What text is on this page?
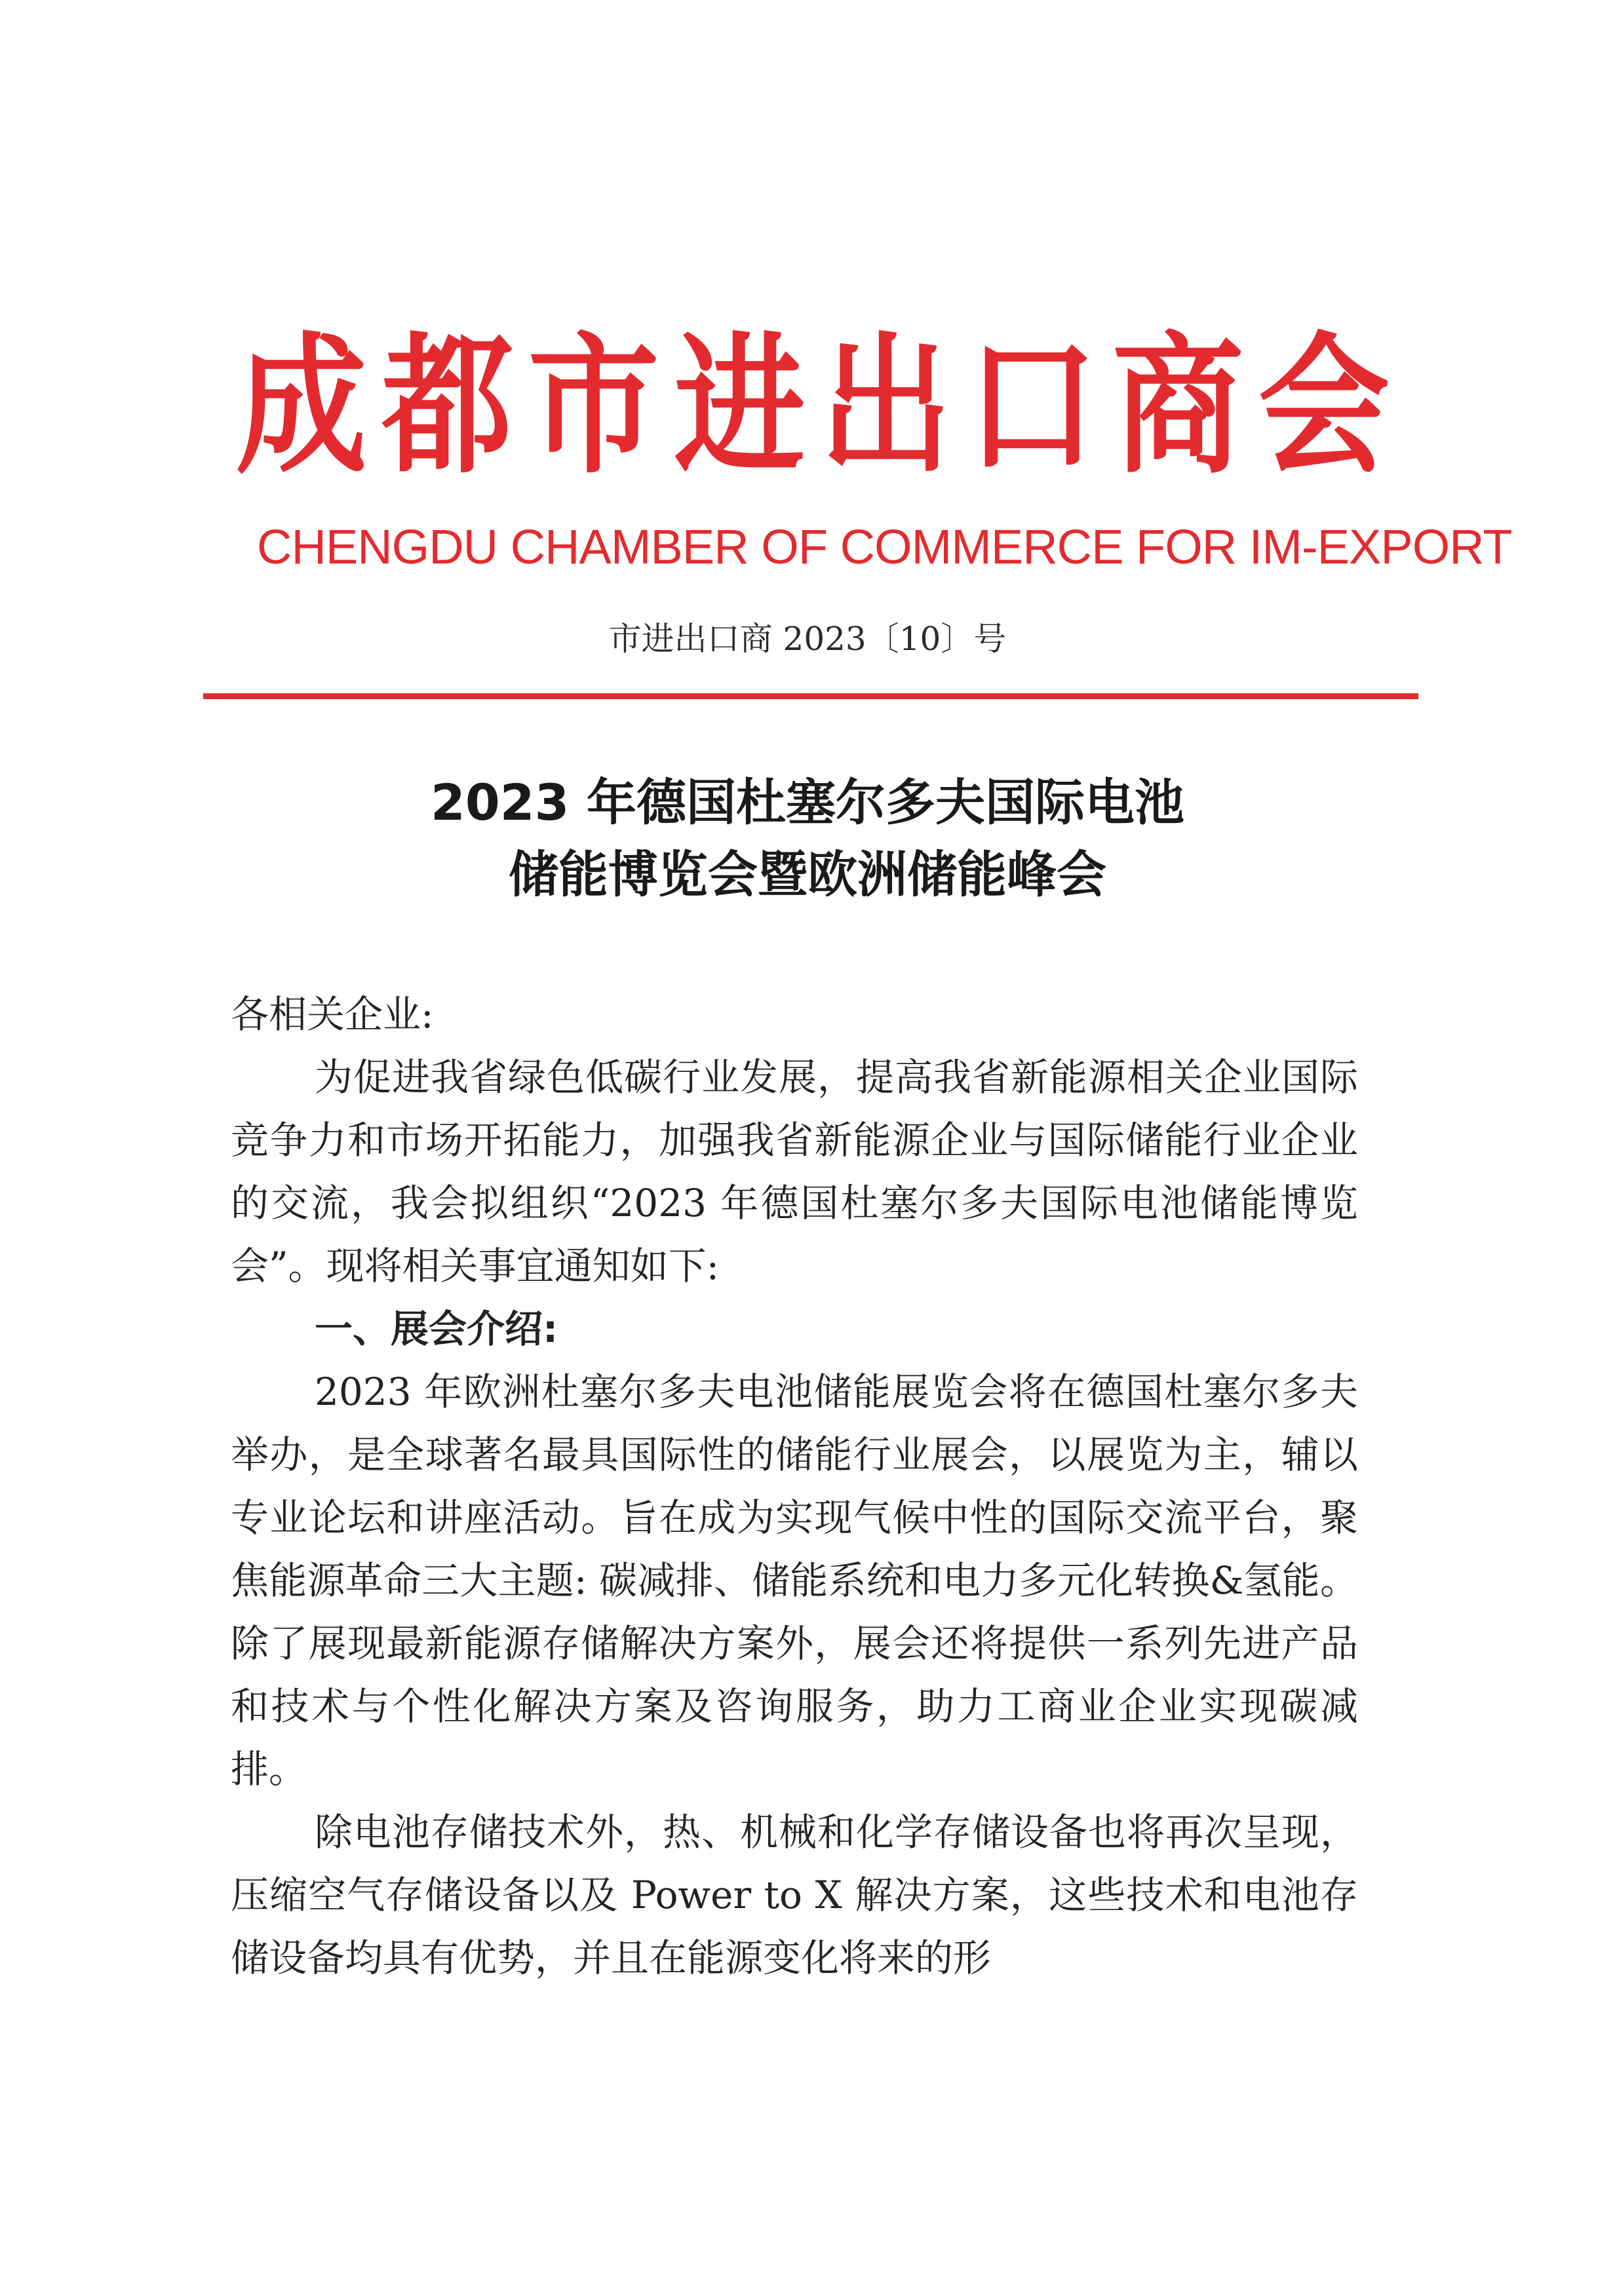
成 都 市 进 出 口 商 会
CHENGDU CHAMBER OF COMMERCE FOR IM-EXPORT
市进出口商 2023〔10〕号
2023 年德国杜塞尔多夫国际电池
储能博览会暨欧洲储能峰会

各相关企业:

为促进我省绿色低碳行业发展，提高我省新能源相关企业国际竞争力和市场开拓能力，加强我省新能源企业与国际储能行业企业的交流，我会拟组织“2023 年德国杜塞尔多夫国际电池储能博览会”。现将相关事宜通知如下:

一、展会介绍:

2023 年欧洲杜塞尔多夫电池储能展览会将在德国杜塞尔多夫举办，是全球著名最具国际性的储能行业展会，以展览为主，辅以专业论坛和讲座活动。旨在成为实现气候中性的国际交流平台，聚焦能源革命三大主题: 碳减排、储能系统和电力多元化转换&氢能。除了展现最新能源存储解决方案外，展会还将提供一系列先进产品和技术与个性化解决方案及咨询服务，助力工商业企业实现碳减排。

除电池存储技术外，热、机械和化学存储设备也将再次呈现，压缩空气存储设备以及 Power to X 解决方案，这些技术和电池存储设备均具有优势，并且在能源变化将来的形
